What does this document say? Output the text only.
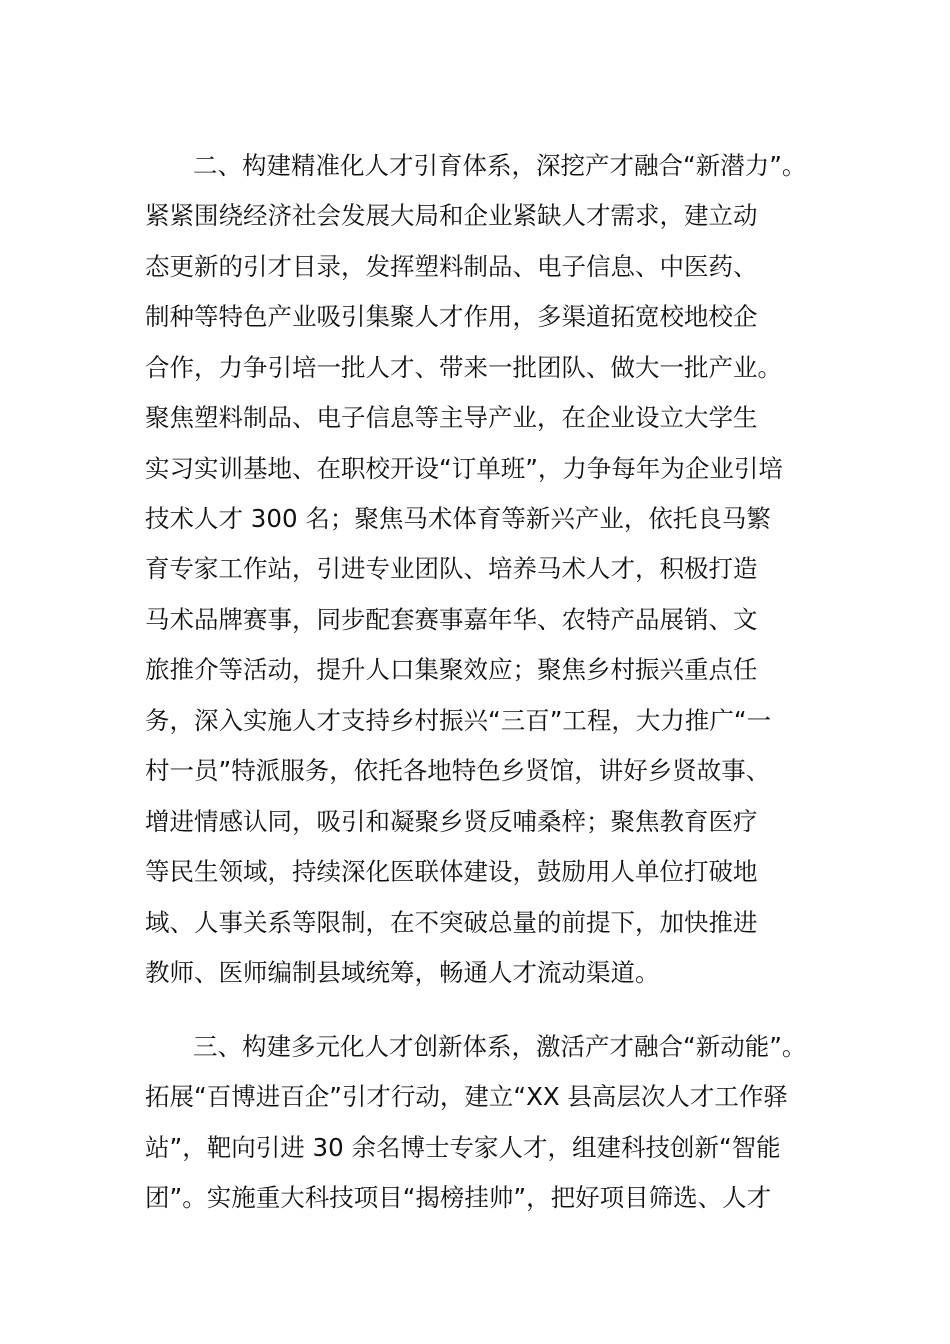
二、构建精准化人才引育体系，深挖产才融合“新潜力”。
紧紧围绕经济社会发展大局和企业紧缺人才需求，建立动
态更新的引才目录，发挥塑料制品、电子信息、中医药、
制种等特色产业吸引集聚人才作用，多渠道拓宽校地校企
合作，力争引培一批人才、带来一批团队、做大一批产业。
聚焦塑料制品、电子信息等主导产业，在企业设立大学生
实习实训基地、在职校开设“订单班”，力争每年为企业引培
技术人才 300 名；聚焦马术体育等新兴产业，依托良马繁
育专家工作站，引进专业团队、培养马术人才，积极打造
马术品牌赛事，同步配套赛事嘉年华、农特产品展销、文
旅推介等活动，提升人口集聚效应；聚焦乡村振兴重点任
务，深入实施人才支持乡村振兴“三百”工程，大力推广“一
村一员”特派服务，依托各地特色乡贤馆，讲好乡贤故事、
增进情感认同，吸引和凝聚乡贤反哺桑梓；聚焦教育医疗
等民生领域，持续深化医联体建设，鼓励用人单位打破地
域、人事关系等限制，在不突破总量的前提下，加快推进
教师、医师编制县域统筹，畅通人才流动渠道。
三、构建多元化人才创新体系，激活产才融合“新动能”。
拓展“百博进百企”引才行动，建立“XX 县高层次人才工作驿
站”，靶向引进 30 余名博士专家人才，组建科技创新“智能
团”。实施重大科技项目“揭榜挂帅”，把好项目筛选、人才
